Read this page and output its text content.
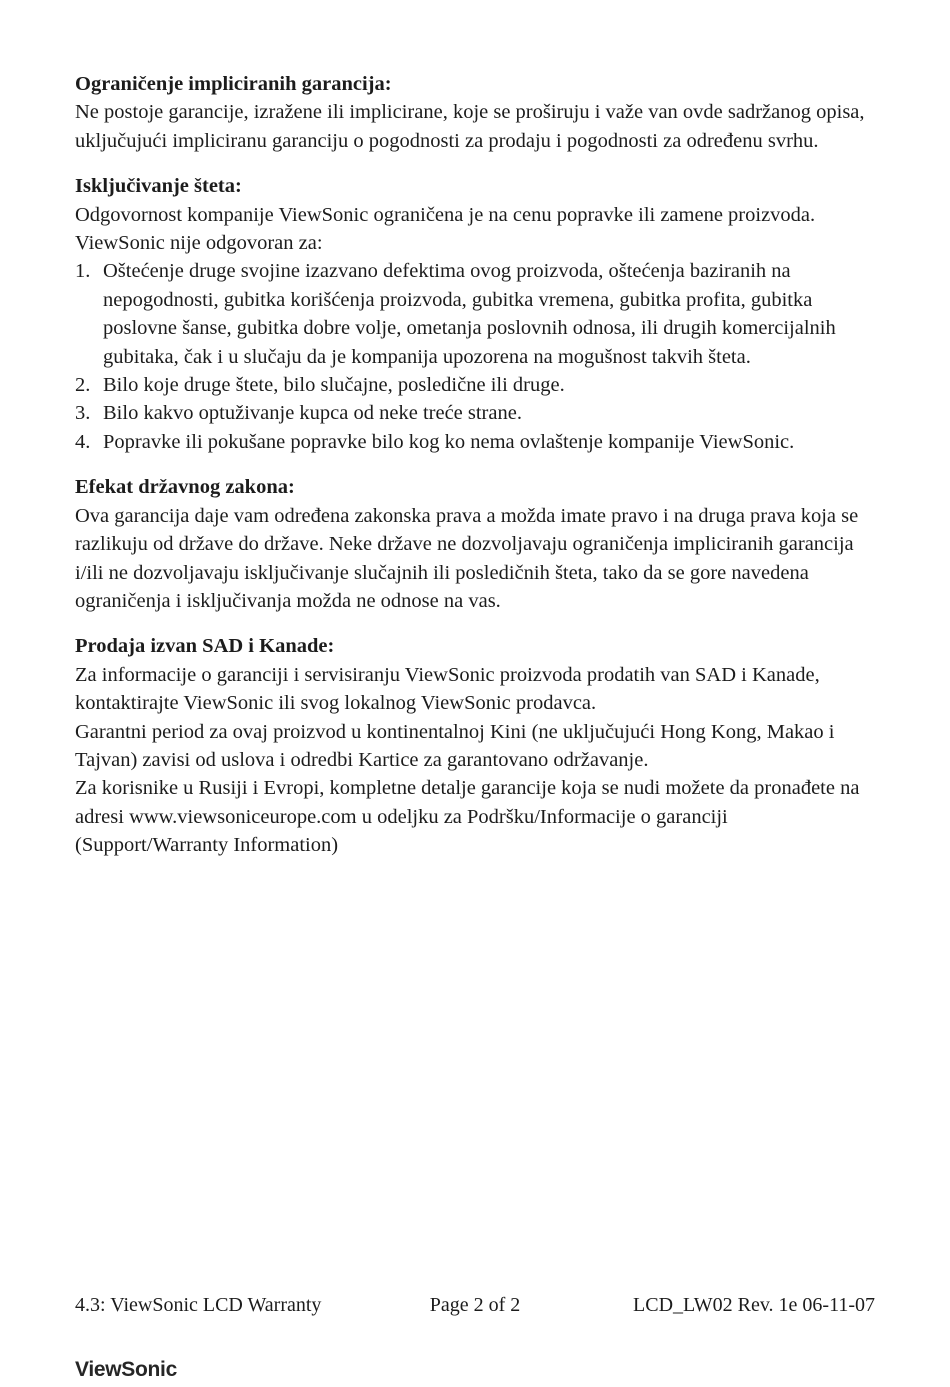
Ograničenje impliciranih garancija:

Ne postoje garancije, izražene ili implicirane, koje se proširuju i važe van ovde sadržanog opisa, uključujući impliciranu garanciju o pogodnosti za prodaju i pogodnosti za određenu svrhu.

Isključivanje šteta:

Odgovornost kompanije ViewSonic ograničena je na cenu popravke ili zamene proizvoda. ViewSonic nije odgovoran za:

1. Oštećenje druge svojine izazvano defektima ovog proizvoda, oštećenja baziranih na nepogodnosti, gubitka korišćenja proizvoda, gubitka vremena, gubitka profita, gubitka poslovne šanse, gubitka dobre volje, ometanja poslovnih odnosa, ili drugih komercijalnih gubitaka, čak i u slučaju da je kompanija upozorena na mogušnost takvih šteta.
2. Bilo koje druge štete, bilo slučajne, posledične ili druge.
3. Bilo kakvo optuživanje kupca od neke treće strane.
4. Popravke ili pokušane popravke bilo kog ko nema ovlaštenje kompanije ViewSonic.
Efekat državnog zakona:

Ova garancija daje vam određena zakonska prava a možda imate pravo i na druga prava koja se razlikuju od države do države. Neke države ne dozvoljavaju ograničenja impliciranih garancija i/ili ne dozvoljavaju isključivanje slučajnih ili posledičnih šteta, tako da se gore navedena ograničenja i isključivanja možda ne odnose na vas.

Prodaja izvan SAD i Kanade:

Za informacije o garanciji i servisiranju ViewSonic proizvoda prodatih van SAD i Kanade, kontaktirajte ViewSonic ili svog lokalnog ViewSonic prodavca.

Garantni period za ovaj proizvod u kontinentalnoj Kini (ne uključujući Hong Kong, Makao i Tajvan) zavisi od uslova i odredbi Kartice za garantovano održavanje.

Za korisnike u Rusiji i Evropi, kompletne detalje garancije koja se nudi možete da pronađete na adresi www.viewsoniceurope.com u odeljku za Podršku/Informacije o garanciji (Support/Warranty Information)

4.3: ViewSonic LCD Warranty	Page 2 of 2	LCD_LW02 Rev. 1e 06-11-07
ViewSonic
